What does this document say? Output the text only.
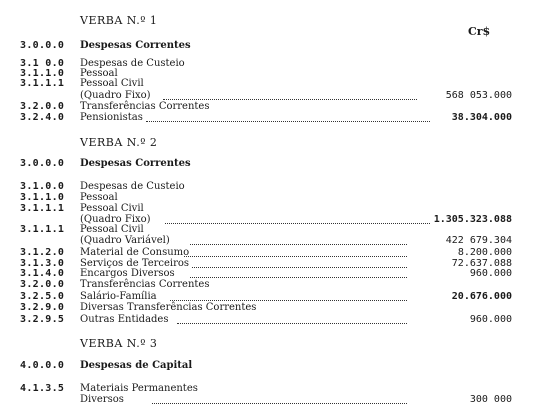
Cr$
VERBA N.º 1
3.0.0.0 Despesas Correntes
3.1 0.0 Despesas de Custeio
3.1.1.0 Pessoal
3.1.1.1 Pessoal Civil
(Quadro Fixo)	568 053.000
3.2.0.0 Transferências Correntes
3.2.4.0 Pensionistas	38.304.000
VERBA N.º 2
3.0.0.0 Despesas Correntes
3.1.0.0 Despesas de Custeio
3.1.1.0 Pessoal
3.1.1.1 Pessoal Civil
(Quadro Fixo)	1.305.323.088
3.1.1.1 Pessoal Civil
(Quadro Variável)	422 679.304
3.1.2.0 Material de Consumo	8.200.000
3.1.3.0 Serviços de Terceiros	72.637.088
3.1.4.0 Encargos Diversos	960.000
3.2.0.0 Transferências Correntes
3.2.5.0 Salário-Família	20.676.000
3.2.9.0 Diversas Transferências Correntes
3.2.9.5 Outras Entidades	960.000
VERBA N.º 3
4.0.0.0 Despesas de Capital
4.1.3.5 Materiais Permanentes
Diversos	300 000
